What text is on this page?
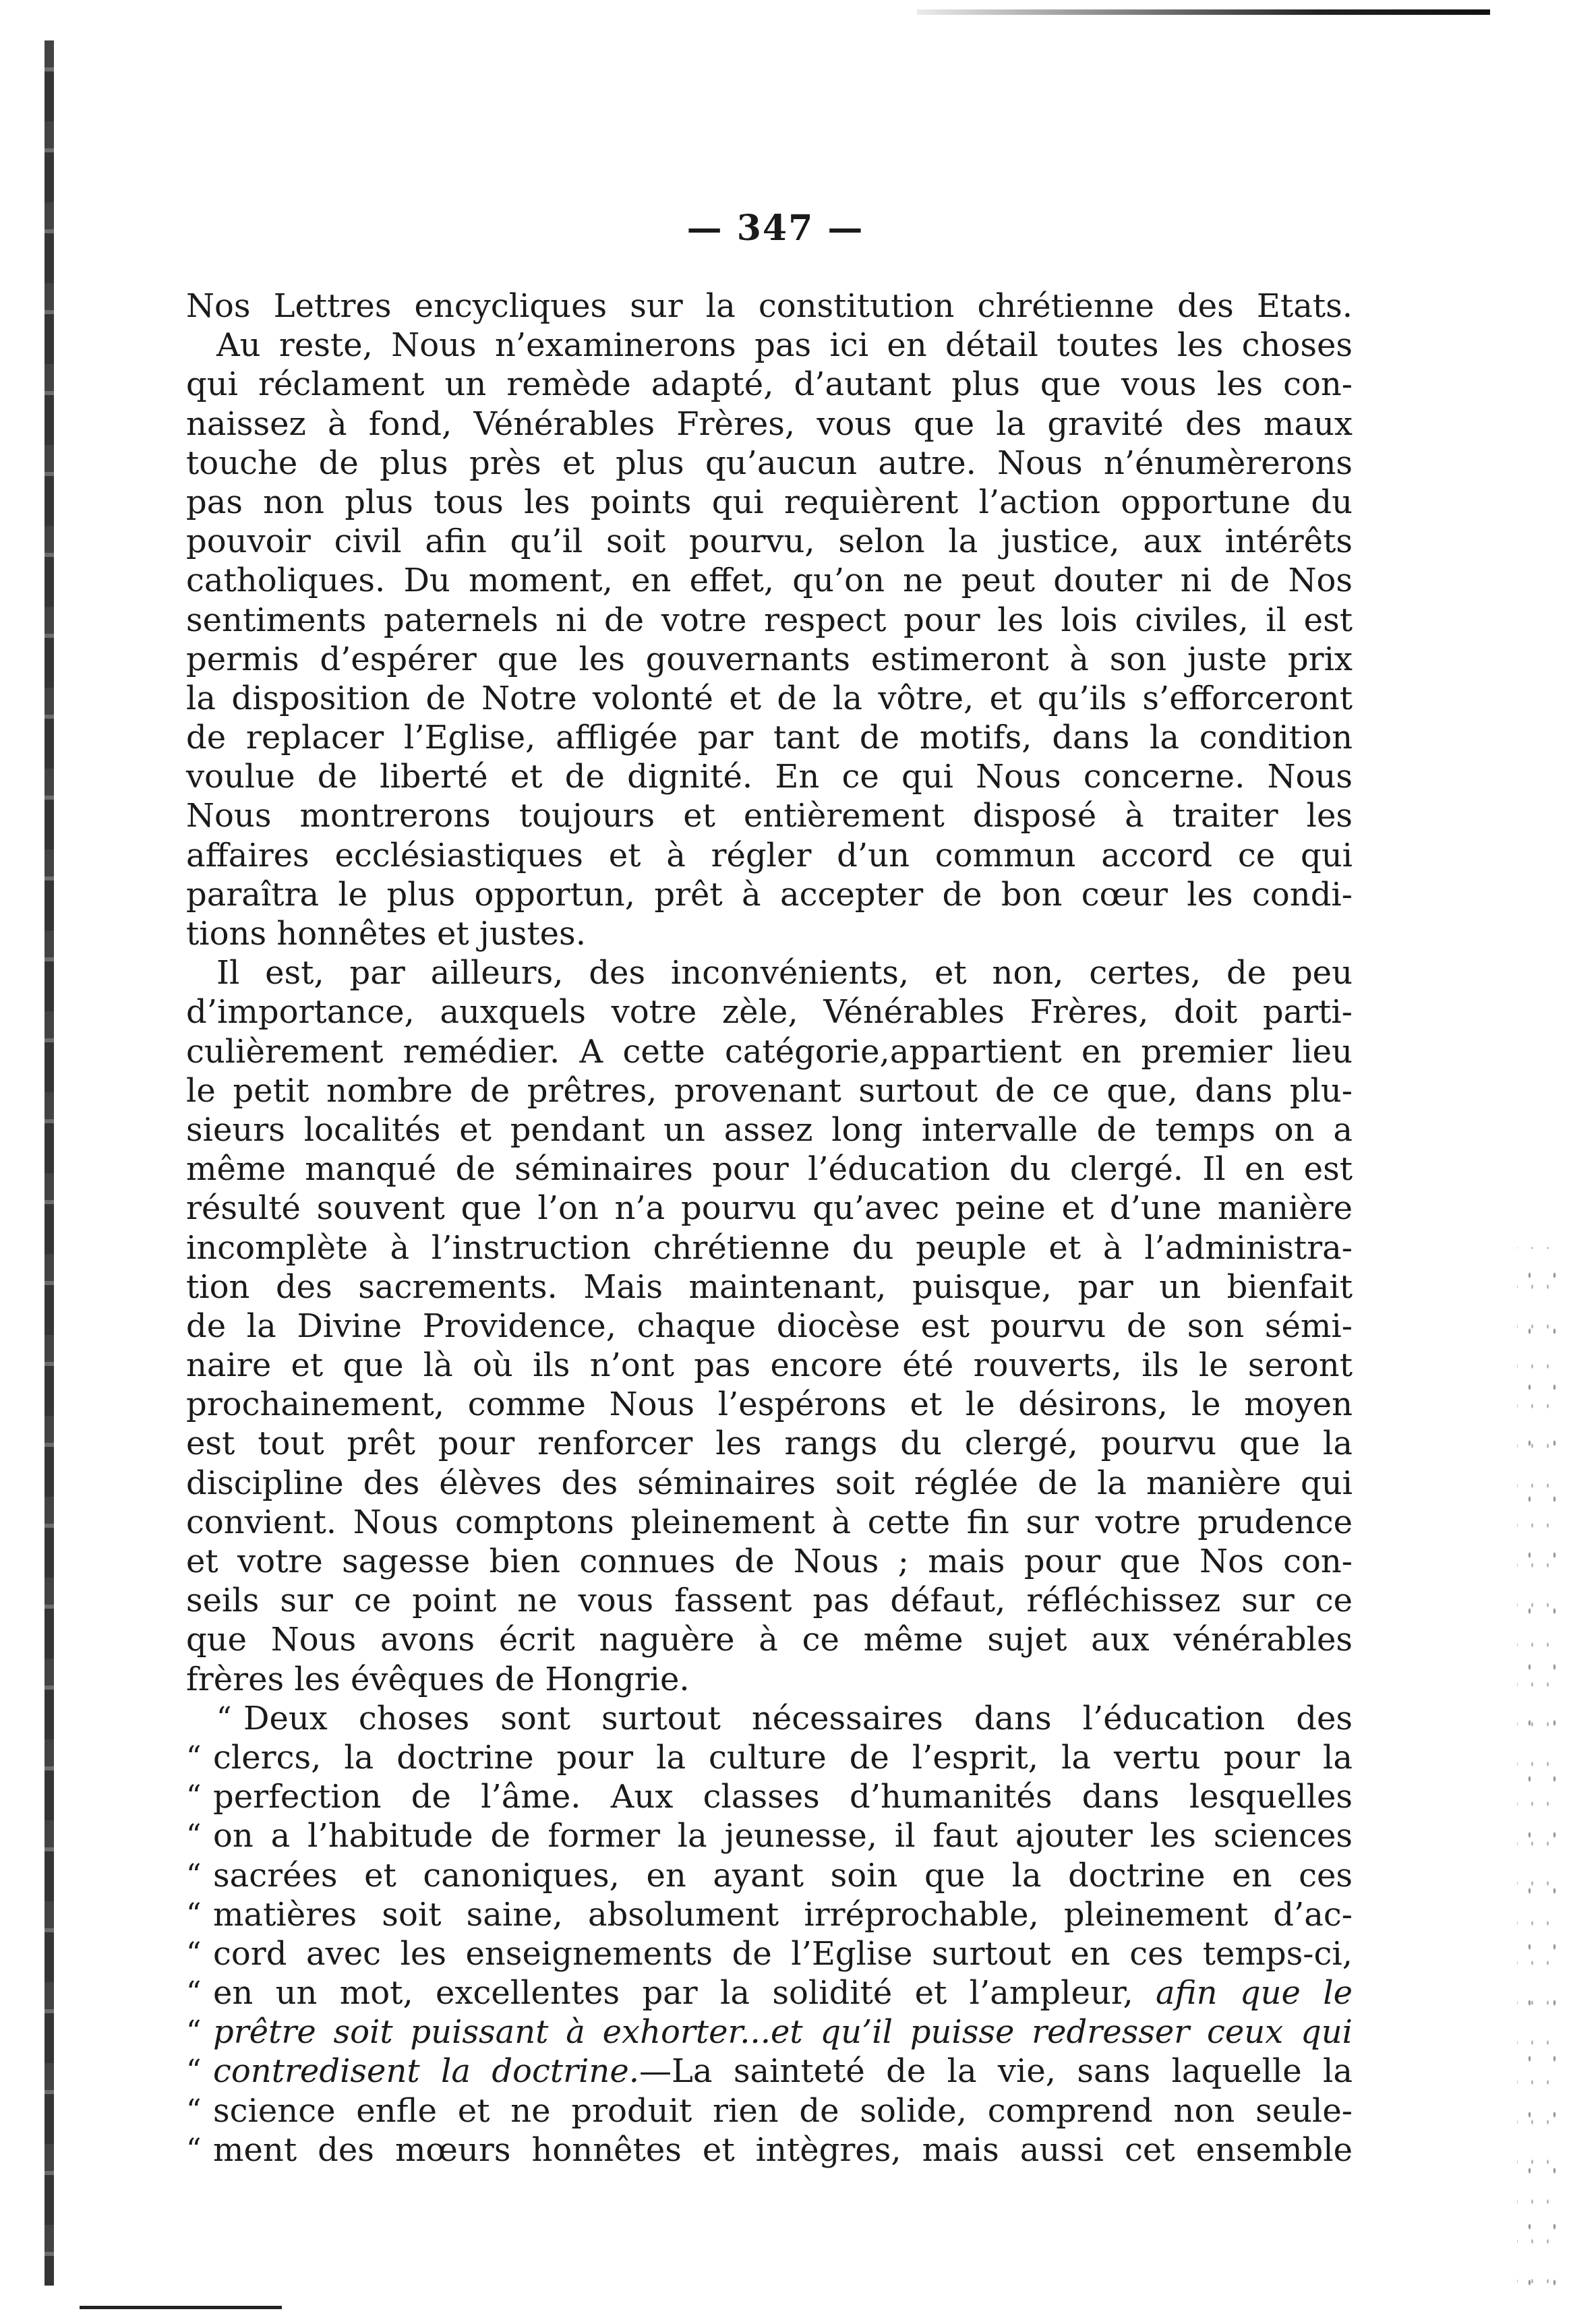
— 347 —
Nos Lettres encycliques sur la constitution chrétienne des Etats.
Au reste, Nous n’examinerons pas ici en détail toutes les choses
qui réclament un remède adapté, d’autant plus que vous les con-
naissez à fond, Vénérables Frères, vous que la gravité des maux
touche de plus près et plus qu’aucun autre. Nous n’énumèrerons
pas non plus tous les points qui requièrent l’action opportune du
pouvoir civil afin qu’il soit pourvu, selon la justice, aux intérêts
catholiques. Du moment, en effet, qu’on ne peut douter ni de Nos
sentiments paternels ni de votre respect pour les lois civiles, il est
permis d’espérer que les gouvernants estimeront à son juste prix
la disposition de Notre volonté et de la vôtre, et qu’ils s’efforceront
de replacer l’Eglise, affligée par tant de motifs, dans la condition
voulue de liberté et de dignité. En ce qui Nous concerne. Nous
Nous montrerons toujours et entièrement disposé à traiter les
affaires ecclésiastiques et à régler d’un commun accord ce qui
paraîtra le plus opportun, prêt à accepter de bon cœur les condi-
tions honnêtes et justes.
Il est, par ailleurs, des inconvénients, et non, certes, de peu
d’importance, auxquels votre zèle, Vénérables Frères, doit parti-
culièrement remédier. A cette catégorie,appartient en premier lieu
le petit nombre de prêtres, provenant surtout de ce que, dans plu-
sieurs localités et pendant un assez long intervalle de temps on a
même manqué de séminaires pour l’éducation du clergé. Il en est
résulté souvent que l’on n’a pourvu qu’avec peine et d’une manière
incomplète à l’instruction chrétienne du peuple et à l’administra-
tion des sacrements. Mais maintenant, puisque, par un bienfait
de la Divine Providence, chaque diocèse est pourvu de son sémi-
naire et que là où ils n’ont pas encore été rouverts, ils le seront
prochainement, comme Nous l’espérons et le désirons, le moyen
est tout prêt pour renforcer les rangs du clergé, pourvu que la
discipline des élèves des séminaires soit réglée de la manière qui
convient. Nous comptons pleinement à cette fin sur votre prudence
et votre sagesse bien connues de Nous ; mais pour que Nos con-
seils sur ce point ne vous fassent pas défaut, réfléchissez sur ce
que Nous avons écrit naguère à ce même sujet aux vénérables
frères les évêques de Hongrie.
“ Deux choses sont surtout nécessaires dans l’éducation des
“ clercs, la doctrine pour la culture de l’esprit, la vertu pour la
“ perfection de l’âme. Aux classes d’humanités dans lesquelles
“ on a l’habitude de former la jeunesse, il faut ajouter les sciences
“ sacrées et canoniques, en ayant soin que la doctrine en ces
“ matières soit saine, absolument irréprochable, pleinement d’ac-
“ cord avec les enseignements de l’Eglise surtout en ces temps-ci,
“ en un mot, excellentes par la solidité et l’ampleur, afin que le
“ prêtre soit puissant à exhorter...et qu’il puisse redresser ceux qui
“ contredisent la doctrine.—La sainteté de la vie, sans laquelle la
“ science enfle et ne produit rien de solide, comprend non seule-
“ ment des mœurs honnêtes et intègres, mais aussi cet ensemble
